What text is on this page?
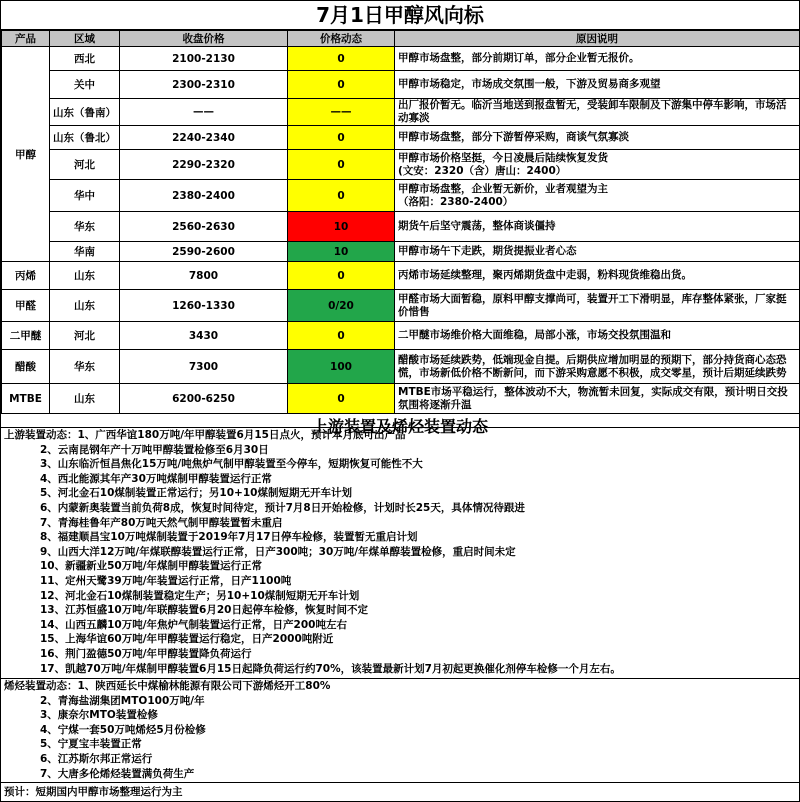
7月1日甲醇风向标
产品	区域	收盘价格	价格动态	原因说明
甲醇	西北	2100-2130	0	甲醇市场盘整，部分前期订单，部分企业暂无报价。
	关中	2300-2310	0	甲醇市场稳定，市场成交氛围一般，下游及贸易商多观望
	山东（鲁南）	——	——	出厂报价暂无。临沂当地送到报盘暂无，受装卸车限制及下游集中停车影响，市场活动寡淡
	山东（鲁北）	2240-2340	0	甲醇市场盘整，部分下游暂停采购，商谈气氛寡淡
	河北	2290-2320	0	甲醇市场价格坚挺，今日凌晨后陆续恢复发货
(文安：2320（含）唐山：2400）
	华中	2380-2400	0	甲醇市场盘整，企业暂无新价，业者观望为主
（洛阳：2380-2400）
	华东	2560-2630	10	期货午后坚守震荡，整体商谈僵持
	华南	2590-2600	10	甲醇市场午下走跌，期货提振业者心态
丙烯	山东	7800	0	丙烯市场延续整理，聚丙烯期货盘中走弱，粉料现货维稳出货。
甲醛	山东	1260-1330	0/20	甲醛市场大面暂稳，原料甲醇支撑尚可，装置开工下滑明显，库存整体紧张，厂家挺价惜售
二甲醚	河北	3430	0	二甲醚市场维价格大面维稳，局部小涨，市场交投氛围温和
醋酸	华东	7300	100	醋酸市场延续跌势，低端现金自提。后期供应增加明显的预期下，部分持货商心态恐慌，市场新低价格不断新问，而下游采购意愿不积极，成交零星，预计后期延续跌势
MTBE	山东	6200-6250	0	MTBE市场平稳运行，整体波动不大，物流暂未回复，实际成交有限，预计明日交投氛围将逐渐升温
上游装置及烯烃装置动态
上游装置动态：1、广西华谊180万吨/年甲醇装置6月15日点火，预计本月底可出产品
2、云南昆钢年产十万吨甲醇装置检修至6月30日
3、山东临沂恒昌焦化15万吨/吨焦炉气制甲醇装置至今停车，短期恢复可能性不大
4、西北能源其年产30万吨煤制甲醇装置运行正常
5、河北金石10煤制装置正常运行；另10+10煤制短期无开车计划
6、内蒙新奥装置当前负荷8成，恢复时间待定，预计7月8日开始检修，计划时长25天，具体情况待跟进
7、青海桂鲁年产80万吨天然气制甲醇装置暂未重启
8、福建顺昌宝10万吨煤制装置于2019年7月17日停车检修，装置暂无重启计划
9、山西大洋12万吨/年煤联醇装置运行正常，日产300吨；30万吨/年煤单醇装置检修，重启时间未定
10、新疆新业50万吨/年煤制甲醇装置运行正常
11、定州天鹭39万吨/年装置运行正常，日产1100吨
12、河北金石10煤制装置稳定生产；另10+10煤制短期无开车计划
13、江苏恒盛10万吨/年联醇装置6月20日起停车检修，恢复时间不定
14、山西五麟10万吨/年焦炉气制装置运行正常，日产200吨左右
15、上海华谊60万吨/年甲醇装置运行稳定，日产2000吨附近
16、荆门盈德50万吨/年甲醇装置降负荷运行
17、凯越70万吨/年煤制甲醇装置6月15日起降负荷运行约70%，该装置最新计划7月初起更换催化剂停车检修一个月左右。
烯烃装置动态：1、陕西延长中煤榆林能源有限公司下游烯烃开工80%
2、青海盐湖集团MTO100万吨/年
3、康奈尔MTO装置检修
4、宁煤一套50万吨烯烃5月份检修
5、宁夏宝丰装置正常
6、江苏斯尔邦正常运行
7、大唐多伦烯烃装置满负荷生产
预计：短期国内甲醇市场整理运行为主
